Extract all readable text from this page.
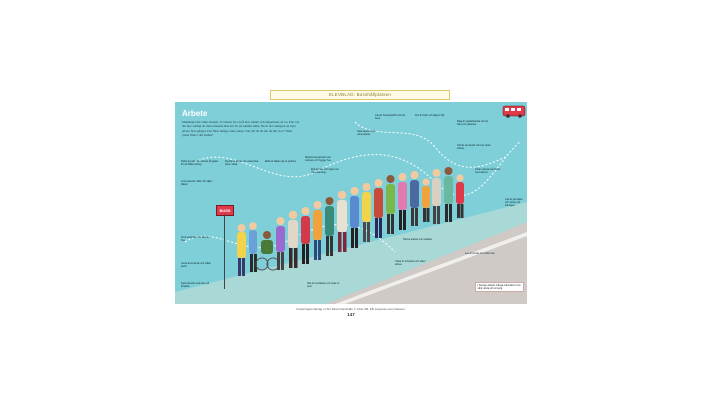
ELEVBLAD: Busshållplatsen
Arbete
Människor har olika arbeten. Vi arbetar för att få mat, kläder och någonstans att bo. Förr var det mer vanligt att man arbetade hela sitt liv på samma ställe. Nu är det vanligare att byta arbete flera gånger. Det finns många olika yrken. Vad vill du bli när du blir stor? Vilka yrken finns i din närhet?
BUSS
Patrik är polis och arbetar på gatan för att hålla ordning.
Fredrik är lärare och undervisar på en skola.
Ebba är läkare på ett sjukhus.
Mohammed arbetar som snickare och bygger hus.
Lina är busschaufför och kör buss.
Kim är frisör och klipper hår.
Maja är sjuksköterska och tar hand om patienter.
Olof är pensionär och har slutat arbeta.
Anna arbetar i affär och säljer kläder.
Erik är kock och lagar mat på restaurang.
Sara studerar på universitetet.
Johan arbetar på kontor med datorer.
Lisa är journalist och skriver på tidningen.
Ali är elektriker och drar el i hus.
Greta är konstnär och målar tavlor.
Karin arbetar med barn på förskola.
Nils är brevbärare och delar ut post.
Oskar är arbetslös och söker arbete.
Hanna arbetar som städare.
Leo är bonde och odlar mat.
I Sverige arbetar många människor inom vård, skola och omsorg.
Kopieringsunderlag ur SO Direkt Samhälle © Liber AB. Får kopieras inom klassen.
147
